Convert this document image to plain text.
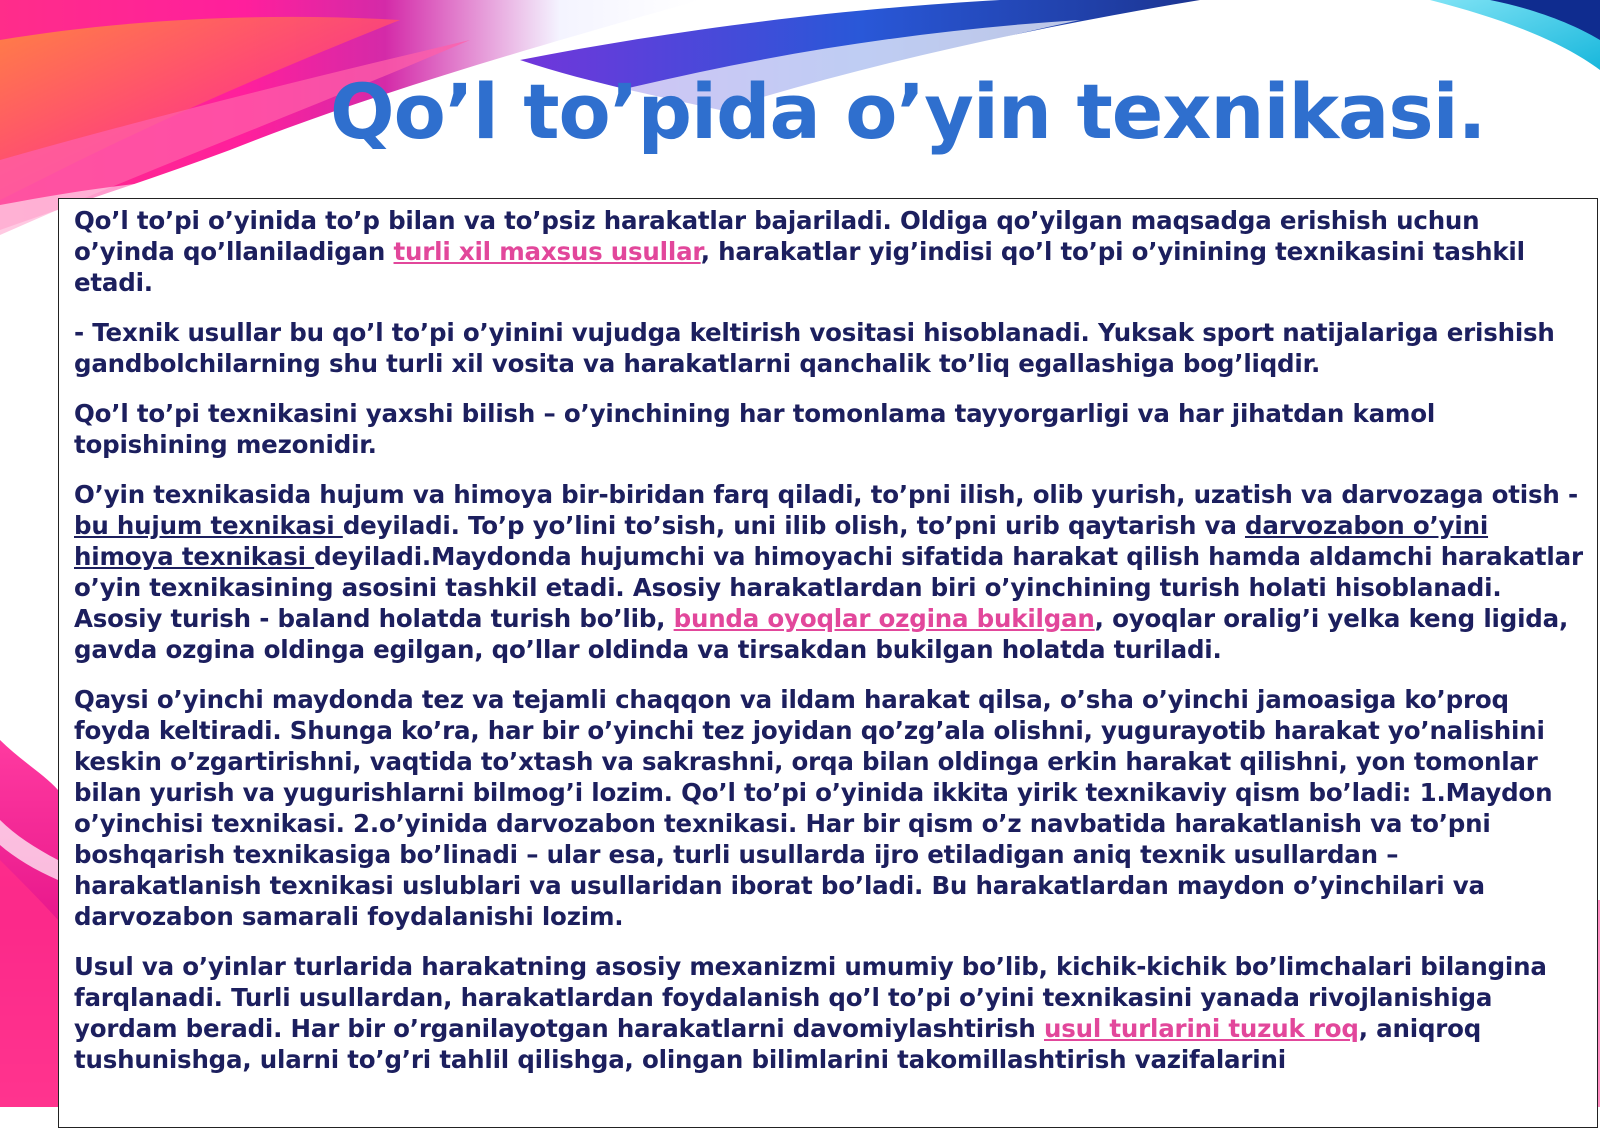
Qo’l to’pida o’yin texnikasi.

Qo’l to’pi o’yinida to’p bilan va to’psiz harakatlar bajariladi. Oldiga qo’yilgan maqsadga erishish uchun o’yinda qo’llaniladigan turli xil maxsus usullar, harakatlar yig’indisi qo’l to’pi o’yinining texnikasini tashkil etadi.

- Texnik usullar bu qo’l to’pi o’yinini vujudga keltirish vositasi hisoblanadi. Yuksak sport natijalariga erishish gandbolchilarning shu turli xil vosita va harakatlarni qanchalik to’liq egallashiga bog’liqdir.

Qo’l to’pi texnikasini yaxshi bilish – o’yinchining har tomonlama tayyorgarligi va har jihatdan kamol topishining mezonidir.

O’yin texnikasida hujum va himoya bir-biridan farq qiladi, to’pni ilish, olib yurish, uzatish va darvozaga otish - bu hujum texnikasi deyiladi. To’p yo’lini to’sish, uni ilib olish, to’pni urib qaytarish va darvozabon o’yini himoya texnikasi deyiladi.Maydonda hujumchi va himoyachi sifatida harakat qilish hamda aldamchi harakatlar o’yin texnikasining asosini tashkil etadi. Asosiy harakatlardan biri o’yinchining turish holati hisoblanadi. Asosiy turish - baland holatda turish bo’lib, bunda oyoqlar ozgina bukilgan, oyoqlar oralig’i yelka keng ligida, gavda ozgina oldinga egilgan, qo’llar oldinda va tirsakdan bukilgan holatda turiladi.

Qaysi o’yinchi maydonda tez va tejamli chaqqon va ildam harakat qilsa, o’sha o’yinchi jamoasiga ko’proq foyda keltiradi. Shunga ko’ra, har bir o’yinchi tez joyidan qo’zg’ala olishni, yugurayotib harakat yo’nalishini keskin o’zgartirishni, vaqtida to’xtash va sakrashni, orqa bilan oldinga erkin harakat qilishni, yon tomonlar bilan yurish va yugurishlarni bilmog’i lozim. Qo’l to’pi o’yinida ikkita yirik texnikaviy qism bo’ladi: 1.Maydon o’yinchisi texnikasi. 2.o’yinida darvozabon texnikasi. Har bir qism o’z navbatida harakatlanish va to’pni boshqarish texnikasiga bo’linadi – ular esa, turli usullarda ijro etiladigan aniq texnik usullardan – harakatlanish texnikasi uslublari va usullaridan iborat bo’ladi. Bu harakatlardan maydon o’yinchilari va darvozabon samarali foydalanishi lozim.

Usul va o’yinlar turlarida harakatning asosiy mexanizmi umumiy bo’lib, kichik-kichik bo’limchalari bilangina farqlanadi. Turli usullardan, harakatlardan foydalanish qo’l to’pi o’yini texnikasini yanada rivojlanishiga yordam beradi. Har bir o’rganilayotgan harakatlarni davomiylashtirish usul turlarini tuzuk roq, aniqroq tushunishga, ularni to’g’ri tahlil qilishga, olingan bilimlarini takomillashtirish vazifalarini
